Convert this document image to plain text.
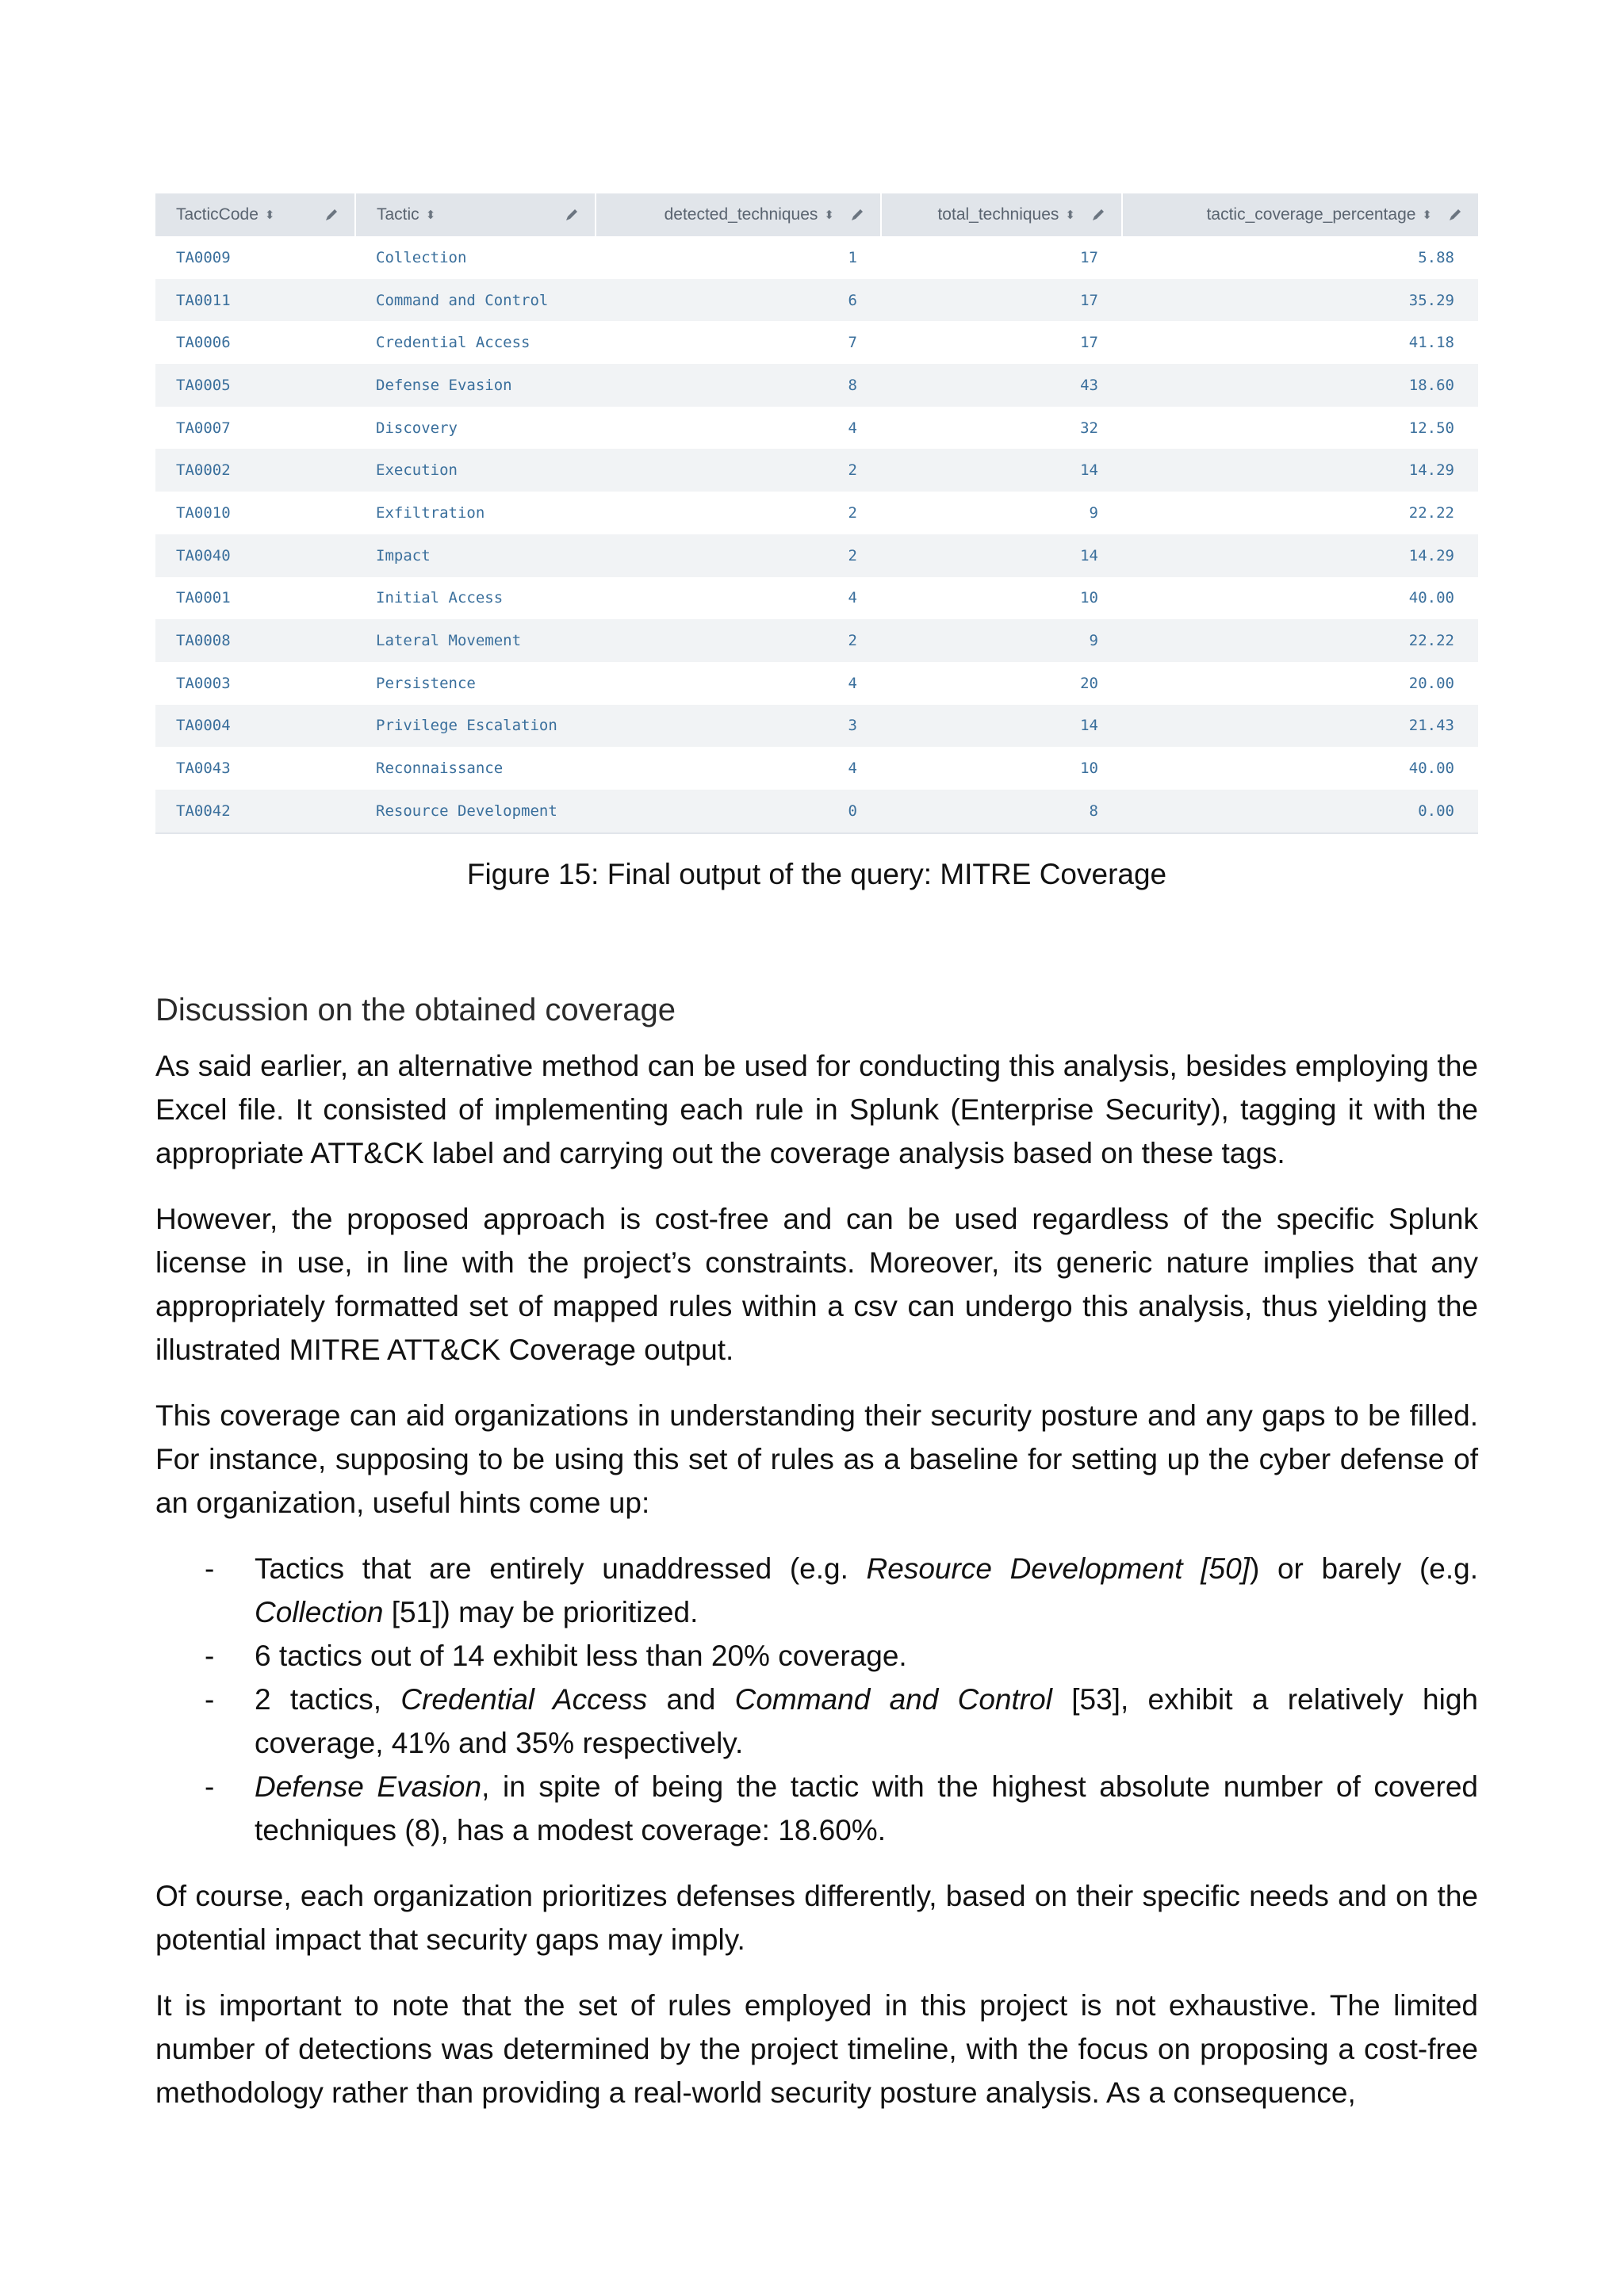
TacticCode ⬍	Tactic ⬍	detected_techniques ⬍	total_techniques ⬍	tactic_coverage_percentage ⬍

TA0009	Collection	1	17	5.88
TA0011	Command and Control	6	17	35.29
TA0006	Credential Access	7	17	41.18
TA0005	Defense Evasion	8	43	18.60
TA0007	Discovery	4	32	12.50
TA0002	Execution	2	14	14.29
TA0010	Exfiltration	2	9	22.22
TA0040	Impact	2	14	14.29
TA0001	Initial Access	4	10	40.00
TA0008	Lateral Movement	2	9	22.22
TA0003	Persistence	4	20	20.00
TA0004	Privilege Escalation	3	14	21.43
TA0043	Reconnaissance	4	10	40.00
TA0042	Resource Development	0	8	0.00
Figure 15: Final output of the query: MITRE Coverage
Discussion on the obtained coverage

As said earlier, an alternative method can be used for conducting this analysis, besides employing the Excel file. It consisted of implementing each rule in Splunk (Enterprise Security), tagging it with the appropriate ATT&CK label and carrying out the coverage analysis based on these tags.

However, the proposed approach is cost-free and can be used regardless of the specific Splunk license in use, in line with the project’s constraints. Moreover, its generic nature implies that any appropriately formatted set of mapped rules within a csv can undergo this analysis, thus yielding the illustrated MITRE ATT&CK Coverage output.

This coverage can aid organizations in understanding their security posture and any gaps to be filled. For instance, supposing to be using this set of rules as a baseline for setting up the cyber defense of an organization, useful hints come up:

- Tactics that are entirely unaddressed (e.g. Resource Development [50]) or barely (e.g. Collection [51]) may be prioritized.
- 6 tactics out of 14 exhibit less than 20% coverage.
- 2 tactics, Credential Access and Command and Control [53], exhibit a relatively high coverage, 41% and 35% respectively.
- Defense Evasion, in spite of being the tactic with the highest absolute number of covered techniques (8), has a modest coverage: 18.60%.

Of course, each organization prioritizes defenses differently, based on their specific needs and on the potential impact that security gaps may imply.

It is important to note that the set of rules employed in this project is not exhaustive. The limited number of detections was determined by the project timeline, with the focus on proposing a cost-free methodology rather than providing a real-world security posture analysis. As a consequence,
